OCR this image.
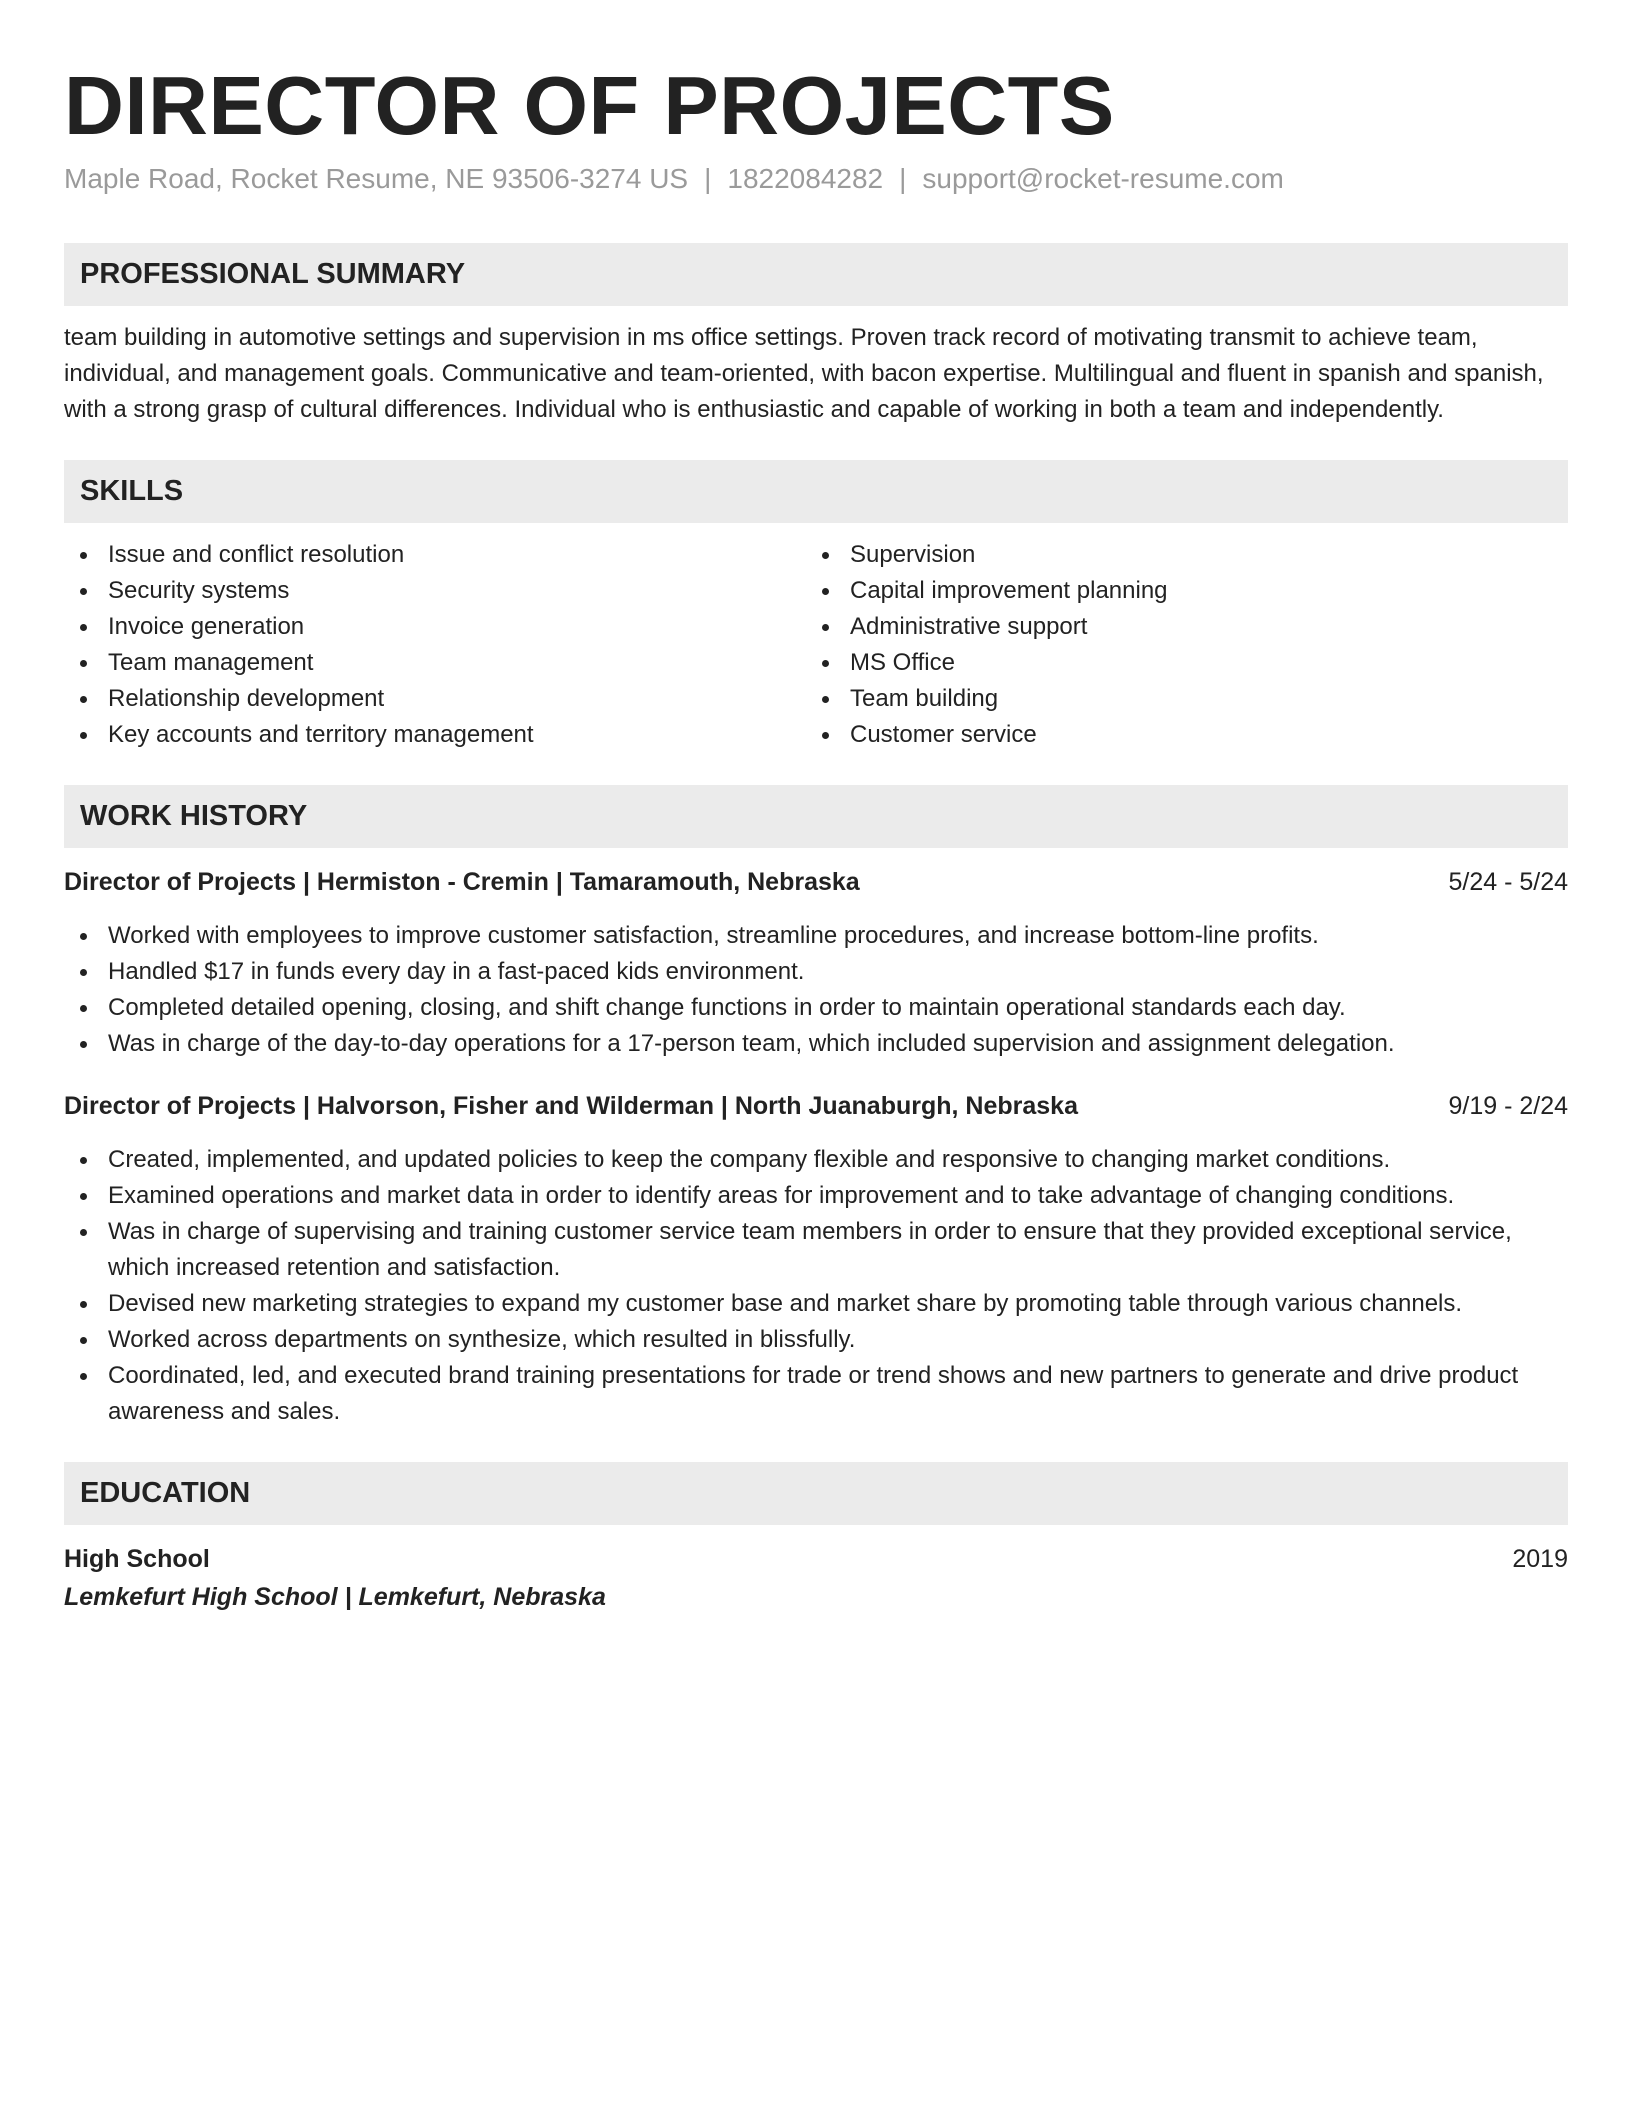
DIRECTOR OF PROJECTS
Maple Road, Rocket Resume, NE 93506-3274 US | 1822084282 | support@rocket-resume.com
PROFESSIONAL SUMMARY

team building in automotive settings and supervision in ms office settings. Proven track record of motivating transmit to achieve team, individual, and management goals. Communicative and team-oriented, with bacon expertise. Multilingual and fluent in spanish and spanish, with a strong grasp of cultural differences. Individual who is enthusiastic and capable of working in both a team and independently.

SKILLS
Issue and conflict resolution
Security systems
Invoice generation
Team management
Relationship development
Key accounts and territory management
Supervision
Capital improvement planning
Administrative support
MS Office
Team building
Customer service
WORK HISTORY
Director of Projects | Hermiston - Cremin | Tamaramouth, Nebraska	5/24 - 5/24
Worked with employees to improve customer satisfaction, streamline procedures, and increase bottom-line profits.
Handled $17 in funds every day in a fast-paced kids environment.
Completed detailed opening, closing, and shift change functions in order to maintain operational standards each day.
Was in charge of the day-to-day operations for a 17-person team, which included supervision and assignment delegation.
Director of Projects | Halvorson, Fisher and Wilderman | North Juanaburgh, Nebraska	9/19 - 2/24
Created, implemented, and updated policies to keep the company flexible and responsive to changing market conditions.
Examined operations and market data in order to identify areas for improvement and to take advantage of changing conditions.
Was in charge of supervising and training customer service team members in order to ensure that they provided exceptional service, which increased retention and satisfaction.
Devised new marketing strategies to expand my customer base and market share by promoting table through various channels.
Worked across departments on synthesize, which resulted in blissfully.
Coordinated, led, and executed brand training presentations for trade or trend shows and new partners to generate and drive product awareness and sales.
EDUCATION
High School	2019
Lemkefurt High School | Lemkefurt, Nebraska
